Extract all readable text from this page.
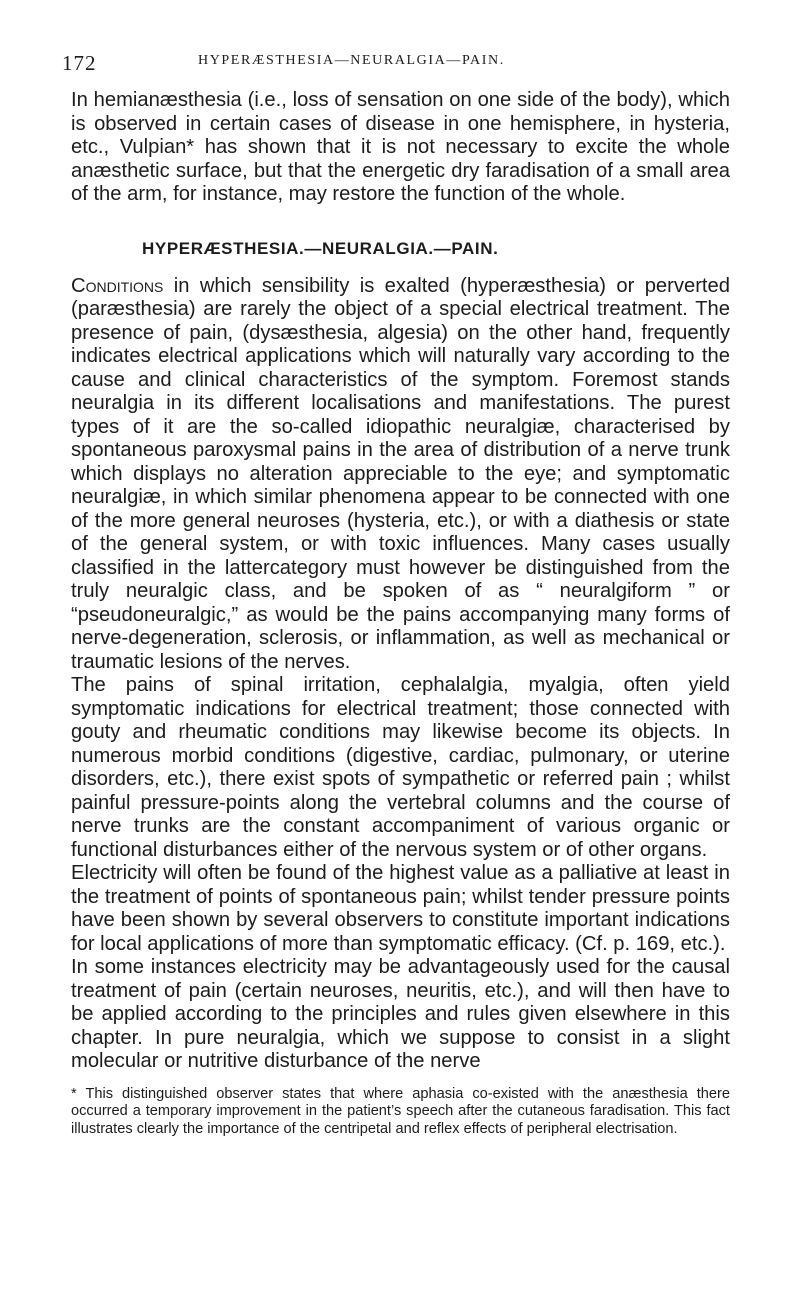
172	HYPERÆSTHESIA—NEURALGIA—PAIN.

In hemianæsthesia (i.e., loss of sensation on one side of the body), which is observed in certain cases of disease in one hemisphere, in hysteria, etc., Vulpian* has shown that it is not necessary to excite the whole anæsthetic surface, but that the energetic dry faradisation of a small area of the arm, for instance, may restore the function of the whole.

HYPERÆSTHESIA.—NEURALGIA.—PAIN.

Conditions in which sensibility is exalted (hyperæsthesia) or perverted (paræsthesia) are rarely the object of a special electrical treatment. The presence of pain, (dysæsthesia, algesia) on the other hand, frequently indicates electrical applications which will naturally vary according to the cause and clinical characteristics of the symptom. Foremost stands neuralgia in its different localisations and manifestations. The purest types of it are the so-called idiopathic neuralgiæ, characterised by spontaneous paroxysmal pains in the area of distribution of a nerve trunk which displays no alteration appreciable to the eye; and symptomatic neuralgiæ, in which similar phenomena appear to be connected with one of the more general neuroses (hysteria, etc.), or with a diathesis or state of the general system, or with toxic influences. Many cases usually classified in the lattercategory must however be distinguished from the truly neuralgic class, and be spoken of as “ neuralgiform ” or “pseudoneuralgic,” as would be the pains accompanying many forms of nerve-degeneration, sclerosis, or inflammation, as well as mechanical or traumatic lesions of the nerves.

The pains of spinal irritation, cephalalgia, myalgia, often yield symptomatic indications for electrical treatment; those connected with gouty and rheumatic conditions may likewise become its objects. In numerous morbid conditions (digestive, cardiac, pulmonary, or uterine disorders, etc.), there exist spots of sympathetic or referred pain ; whilst painful pressure-points along the vertebral columns and the course of nerve trunks are the constant accompaniment of various organic or functional disturbances either of the nervous system or of other organs.

Electricity will often be found of the highest value as a palliative at least in the treatment of points of spontaneous pain; whilst tender pressure points have been shown by several observers to constitute important indications for local applications of more than symptomatic efficacy. (Cf. p. 169, etc.).

In some instances electricity may be advantageously used for the causal treatment of pain (certain neuroses, neuritis, etc.), and will then have to be applied according to the principles and rules given elsewhere in this chapter. In pure neuralgia, which we suppose to consist in a slight molecular or nutritive disturbance of the nerve

* This distinguished observer states that where aphasia co-existed with the anæsthesia there occurred a temporary improvement in the patient’s speech after the cutaneous faradisation. This fact illustrates clearly the importance of the centripetal and reflex effects of peripheral electrisation.
